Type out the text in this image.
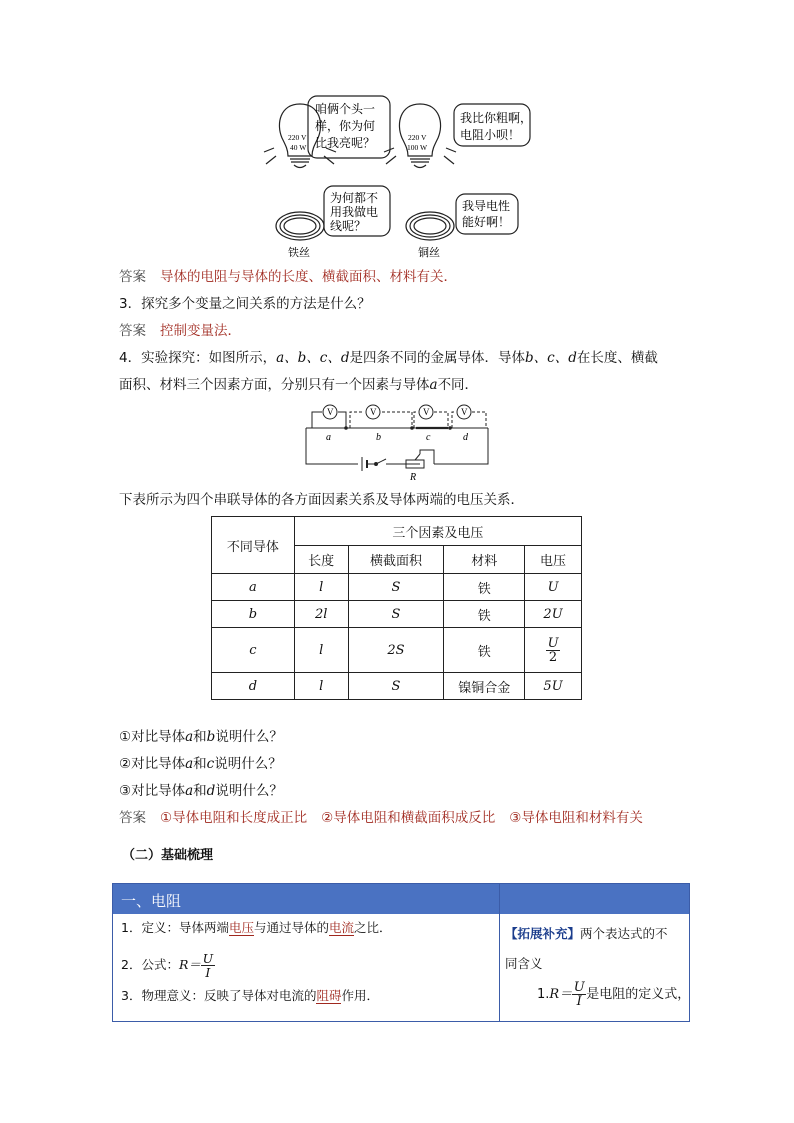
220 V
40 W
咱俩个头一
样，你为何
比我亮呢？	220 V
100 W
我比你粗啊，
电阻小呗！
铁丝
为何都不
用我做电
线呢？
铜丝
我导电性
能好啊！
答案 导体的电阻与导体的长度、横截面积、材料有关．
3．探究多个变量之间关系的方法是什么？
答案 控制变量法．
4．实验探究：如图所示，a、b、c、d是四条不同的金属导体．导体b、c、d在长度、横截
面积、材料三个因素方面，分别只有一个因素与导体a不同．
V	V	V	V
a	b	c	d
R
下表所示为四个串联导体的各方面因素关系及导体两端的电压关系．
不同导体	三个因素及电压			
	长度	横截面积	材料	电压
a	l	S	铁	U
b	2l	S	铁	2U
c	l	2S	铁	$\frac{U}{2}$

d	l	S	镍铜合金	5U
①对比导体a和b说明什么？
②对比导体a和c说明什么？
③对比导体a和d说明什么？
答案 ①导体电阻和长度成正比 ②导体电阻和横截面积成反比 ③导体电阻和材料有关
（二）基础梳理
一、电阻
1．定义：导体两端电压与通过导体的电流之比．
2．公式：$R= \frac{U}{I}$
3．物理意义：反映了导体对电流的阻碍作用．
【拓展补充】两个表达式的不
同含义
$1.R= \frac{U}{I}$ 是电阻的定义式，
